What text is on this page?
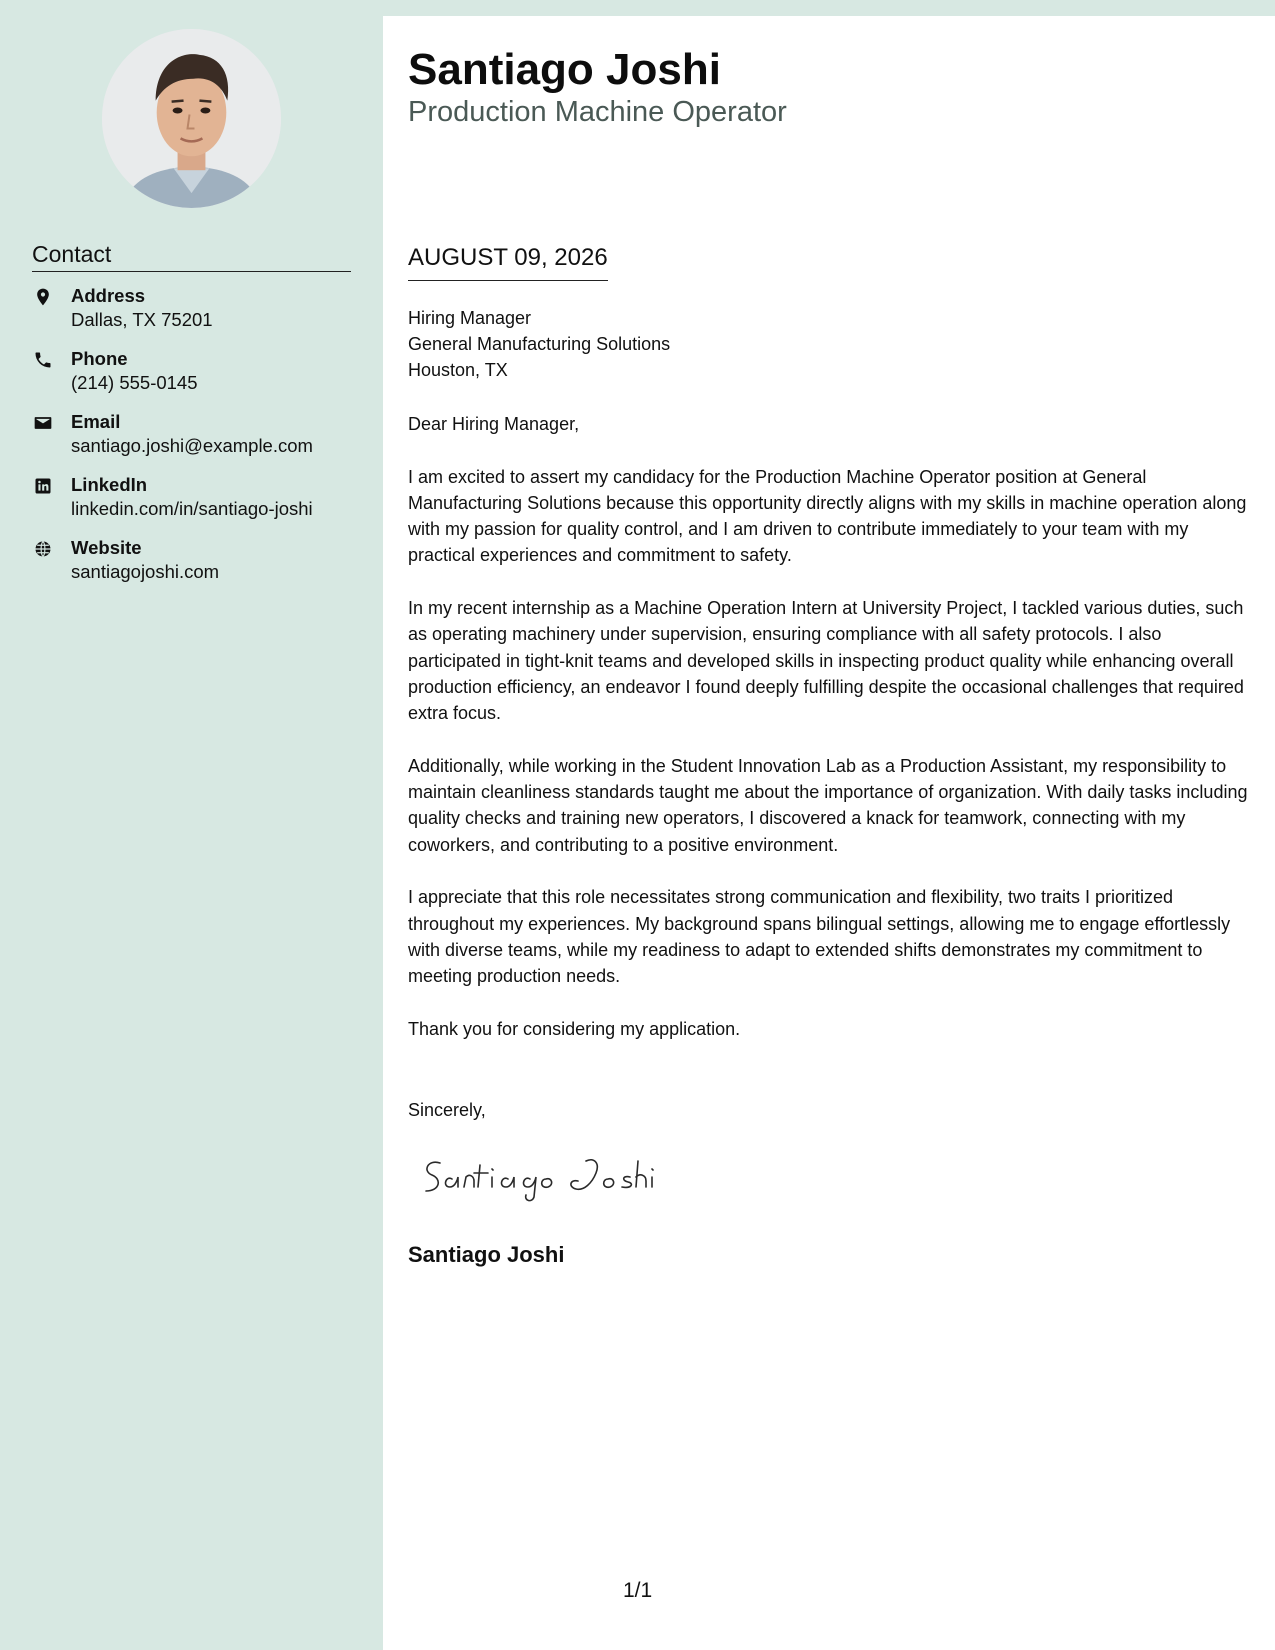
Contact
Address
Dallas, TX 75201
Phone
(214) 555-0145
Email
santiago.joshi@example.com
LinkedIn
linkedin.com/in/santiago-joshi
Website
santiagojoshi.com
Santiago Joshi
Production Machine Operator
AUGUST 09, 2026
Hiring Manager
General Manufacturing Solutions
Houston, TX

Dear Hiring Manager,

I am excited to assert my candidacy for the Production Machine Operator position at General Manufacturing Solutions because this opportunity directly aligns with my skills in machine operation along with my passion for quality control, and I am driven to contribute immediately to your team with my practical experiences and commitment to safety.

In my recent internship as a Machine Operation Intern at University Project, I tackled various duties, such as operating machinery under supervision, ensuring compliance with all safety protocols. I also participated in tight-knit teams and developed skills in inspecting product quality while enhancing overall production efficiency, an endeavor I found deeply fulfilling despite the occasional challenges that required extra focus.

Additionally, while working in the Student Innovation Lab as a Production Assistant, my responsibility to maintain cleanliness standards taught me about the importance of organization. With daily tasks including quality checks and training new operators, I discovered a knack for teamwork, connecting with my coworkers, and contributing to a positive environment.

I appreciate that this role necessitates strong communication and flexibility, two traits I prioritized throughout my experiences. My background spans bilingual settings, allowing me to engage effortlessly with diverse teams, while my readiness to adapt to extended shifts demonstrates my commitment to meeting production needs.

Thank you for considering my application.

Sincerely,
Santiago Joshi
1/1
